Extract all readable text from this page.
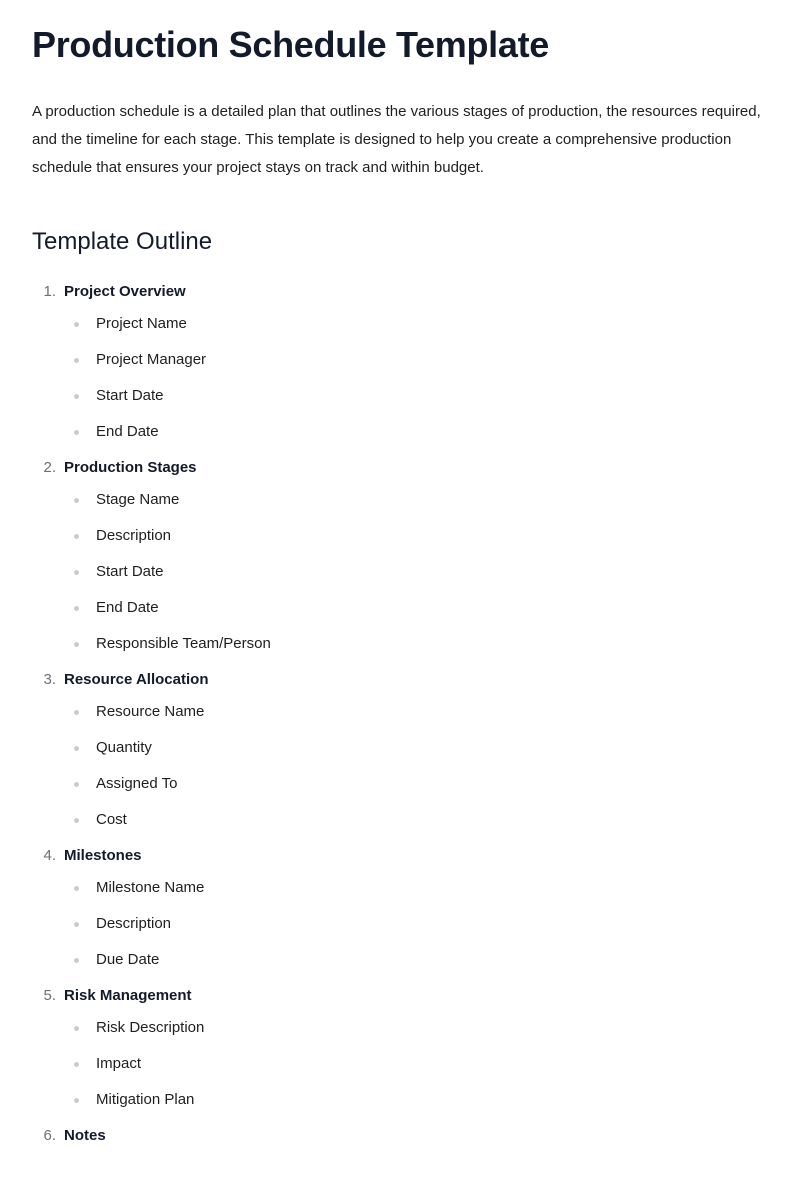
Production Schedule Template

A production schedule is a detailed plan that outlines the various stages of production, the resources required, and the timeline for each stage. This template is designed to help you create a comprehensive production schedule that ensures your project stays on track and within budget.

Template Outline
1. Project Overview
Project Name
Project Manager
Start Date
End Date
2. Production Stages
Stage Name
Description
Start Date
End Date
Responsible Team/Person
3. Resource Allocation
Resource Name
Quantity
Assigned To
Cost
4. Milestones
Milestone Name
Description
Due Date
5. Risk Management
Risk Description
Impact
Mitigation Plan
6. Notes
